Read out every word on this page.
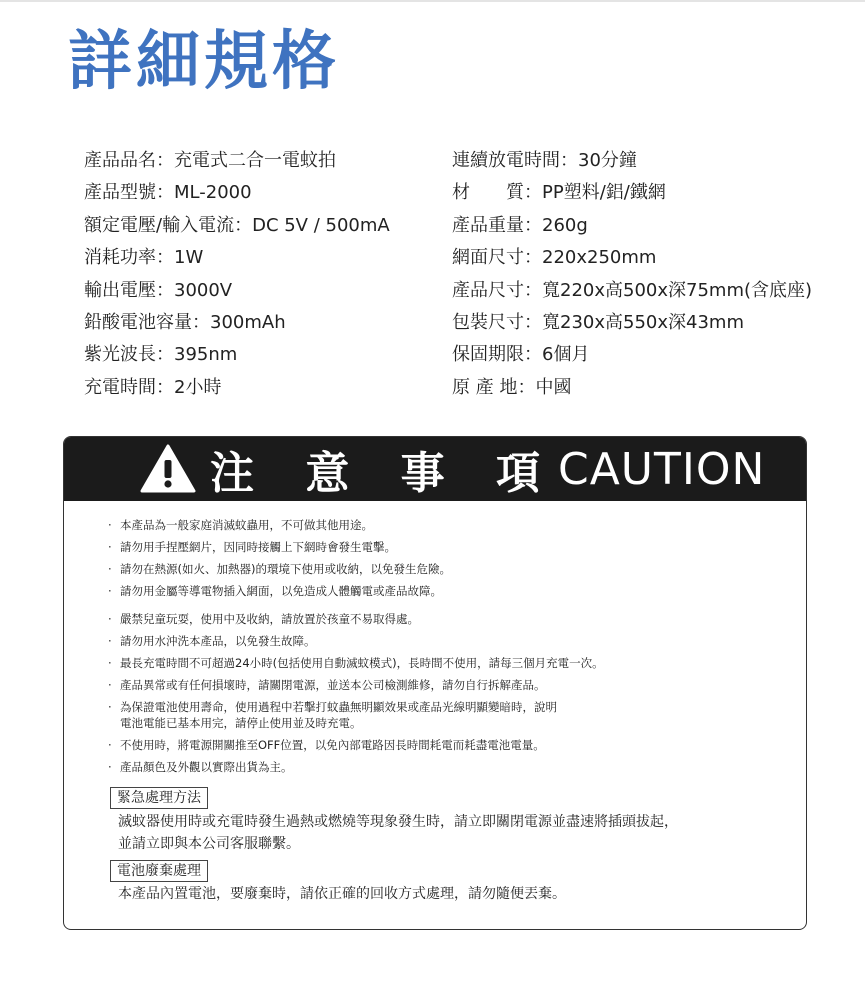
詳細規格
產品品名：充電式二合一電蚊拍
產品型號：ML-2000
額定電壓/輸入電流：DC 5V / 500mA
消耗功率：1W
輸出電壓：3000V
鉛酸電池容量：300mAh
紫光波長：395nm
充電時間：2小時
連續放電時間：30分鐘
材　　質：PP塑料/鋁/鐵網
產品重量：260g
網面尺寸：220x250mm
產品尺寸：寬220x高500x深75mm(含底座)
包裝尺寸：寬230x高550x深43mm
保固期限：6個月
原 產 地：中國
注 意 事 項 CAUTION
· 本產品為一般家庭消滅蚊蟲用，不可做其他用途。
· 請勿用手捏壓網片，因同時接觸上下網時會發生電擊。
· 請勿在熱源(如火、加熱器)的環境下使用或收納，以免發生危險。
· 請勿用金屬等導電物插入網面，以免造成人體觸電或產品故障。
· 嚴禁兒童玩耍，使用中及收納，請放置於孩童不易取得處。
· 請勿用水沖洗本產品，以免發生故障。
· 最長充電時間不可超過24小時(包括使用自動滅蚊模式)，長時間不使用，請每三個月充電一次。
· 產品異常或有任何損壞時，請關閉電源，並送本公司檢測維修，請勿自行拆解產品。
· 為保證電池使用壽命，使用過程中若擊打蚊蟲無明顯效果或產品光線明顯變暗時，說明
電池電能已基本用完，請停止使用並及時充電。
· 不使用時，將電源開關推至OFF位置，以免內部電路因長時間耗電而耗盡電池電量。
· 產品顏色及外觀以實際出貨為主。
緊急處理方法
滅蚊器使用時或充電時發生過熱或燃燒等現象發生時，請立即關閉電源並盡速將插頭拔起，
並請立即與本公司客服聯繫。
電池廢棄處理
本產品內置電池，要廢棄時，請依正確的回收方式處理，請勿隨便丟棄。
